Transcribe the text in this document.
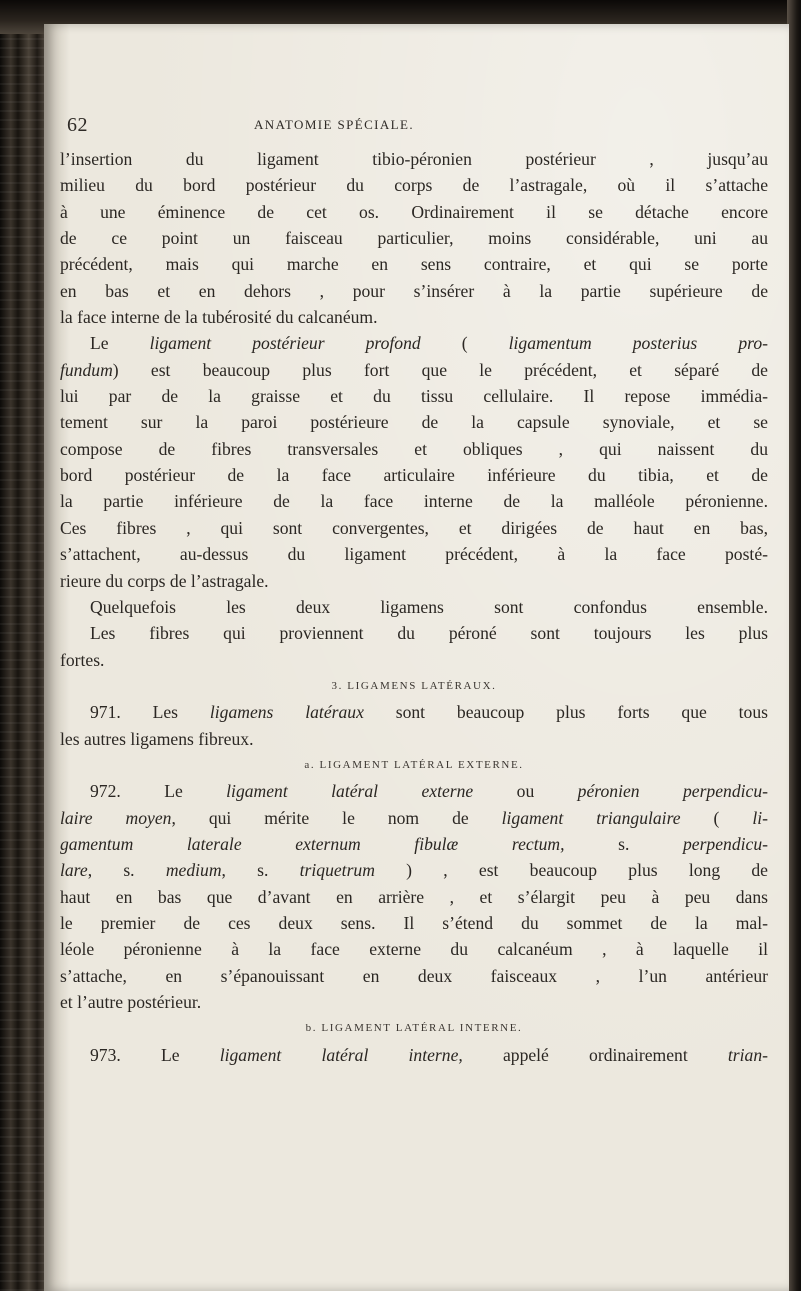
62	ANATOMIE SPÉCIALE.
l’insertion du ligament tibio-péronien postérieur , jusqu’au
milieu du bord postérieur du corps de l’astragale, où il s’attache
à une éminence de cet os. Ordinairement il se détache encore
de ce point un faisceau particulier, moins considérable, uni au
précédent, mais qui marche en sens contraire, et qui se porte
en bas et en dehors , pour s’insérer à la partie supérieure de
la face interne de la tubérosité du calcanéum.
Le ligament postérieur profond ( ligamentum posterius pro-
fundum) est beaucoup plus fort que le précédent, et séparé de
lui par de la graisse et du tissu cellulaire. Il repose immédia-
tement sur la paroi postérieure de la capsule synoviale, et se
compose de fibres transversales et obliques , qui naissent du
bord postérieur de la face articulaire inférieure du tibia, et de
la partie inférieure de la face interne de la malléole péronienne.
Ces fibres , qui sont convergentes, et dirigées de haut en bas,
s’attachent, au-dessus du ligament précédent, à la face posté-
rieure du corps de l’astragale.
Quelquefois les deux ligamens sont confondus ensemble.
Les fibres qui proviennent du péroné sont toujours les plus
fortes.
3. LIGAMENS LATÉRAUX.
971. Les ligamens latéraux sont beaucoup plus forts que tous
les autres ligamens fibreux.
a. LIGAMENT LATÉRAL EXTERNE.
972. Le ligament latéral externe ou péronien perpendicu-
laire moyen, qui mérite le nom de ligament triangulaire ( li-
gamentum laterale externum fibulæ rectum, s. perpendicu-
lare, s. medium, s. triquetrum ) , est beaucoup plus long de
haut en bas que d’avant en arrière , et s’élargit peu à peu dans
le premier de ces deux sens. Il s’étend du sommet de la mal-
léole péronienne à la face externe du calcanéum , à laquelle il
s’attache, en s’épanouissant en deux faisceaux , l’un antérieur
et l’autre postérieur.
b. LIGAMENT LATÉRAL INTERNE.
973. Le ligament latéral interne, appelé ordinairement trian-
